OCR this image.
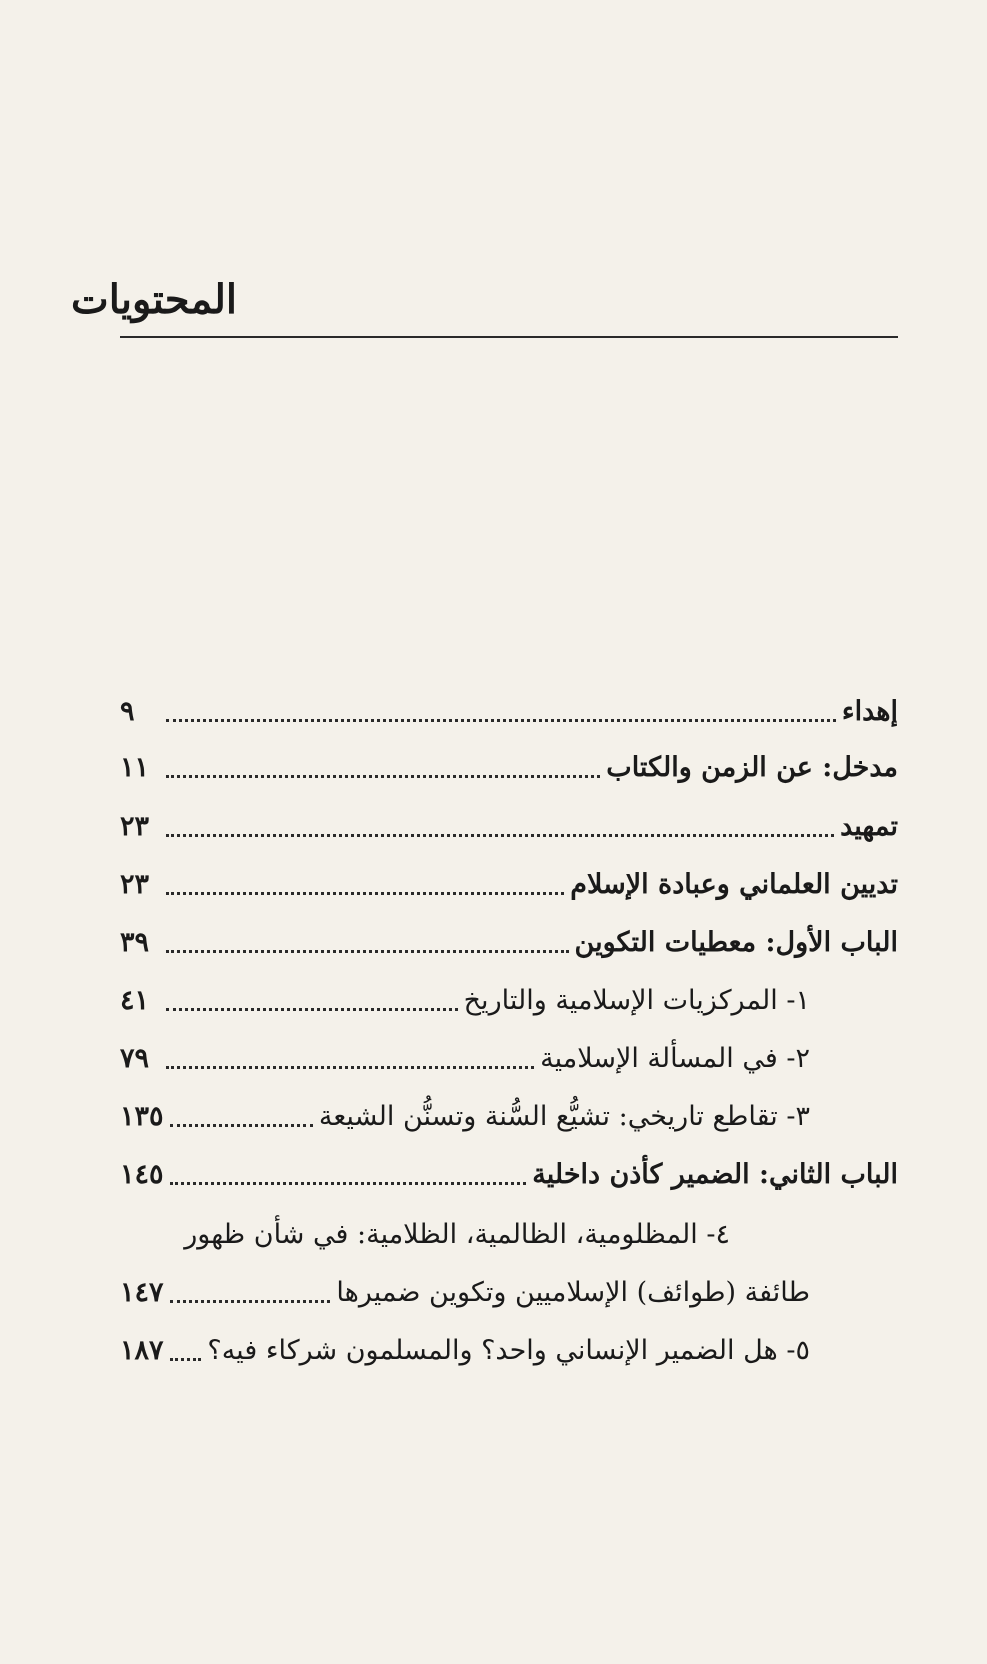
المحتويات
إهداء
٩
مدخل: عن الزمن والكتاب
١١
تمهيد
٢٣
تديين العلماني وعبادة الإسلام
٢٣
الباب الأول: معطيات التكوين
٣٩
١- المركزيات الإسلامية والتاريخ
٤١
٢- في المسألة الإسلامية
٧٩
٣- تقاطع تاريخي: تشيُّع السُّنة وتسنُّن الشيعة
١٣٥
الباب الثاني: الضمير كأذن داخلية
١٤٥
٤- المظلومية، الظالمية، الظلامية: في شأن ظهور
طائفة (طوائف) الإسلاميين وتكوين ضميرها
١٤٧
٥- هل الضمير الإنساني واحد؟ والمسلمون شركاء فيه؟
١٨٧
